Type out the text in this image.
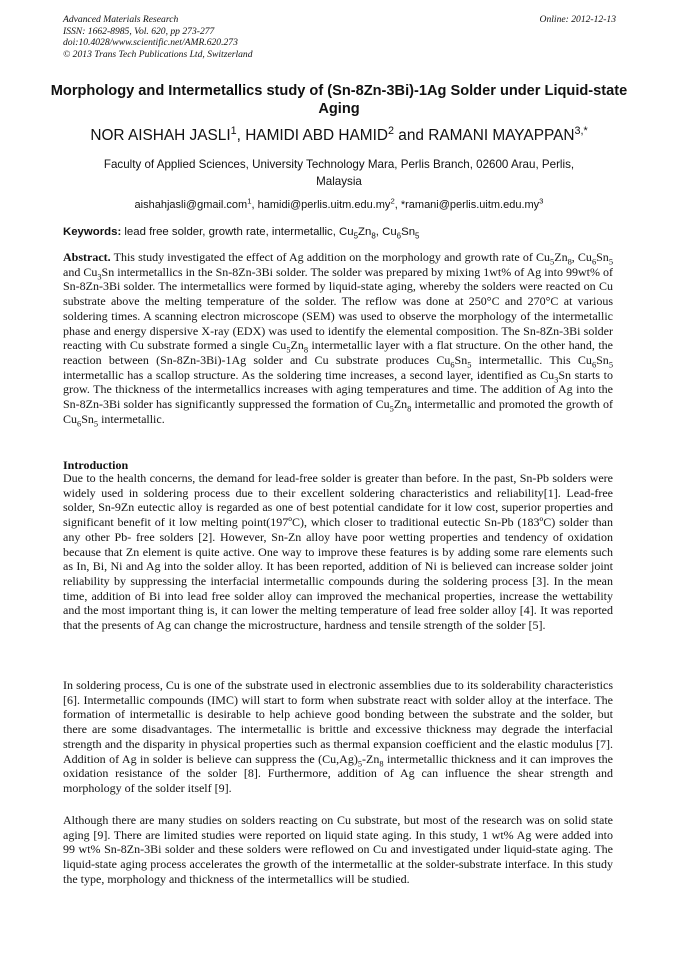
Advanced Materials Research
ISSN: 1662-8985, Vol. 620, pp 273-277
doi:10.4028/www.scientific.net/AMR.620.273
© 2013 Trans Tech Publications Ltd, Switzerland
Online: 2012-12-13
Morphology and Intermetallics study of (Sn-8Zn-3Bi)-1Ag Solder under Liquid-state Aging
NOR AISHAH JASLI$^1$, HAMIDI ABD HAMID$^2$ and RAMANI $MAYAPPAN^{3,*}$
Faculty of Applied Sciences, University Technology Mara, Perlis Branch, 02600 Arau, Perlis, Malaysia
aishahjasli@gmail.com$^1$, $hamidi@perlis.uitm.edu.my^2$, $*ramani@perlis.uitm.edu.my^3$
Keywords: lead free solder, growth rate, intermetallic, $Cu_5Zn_8$, $Cu_6Sn_5$
Abstract. This study investigated the effect of Ag addition on the morphology and growth rate of $Cu_5Zn_8$, $Cu_6Sn_5$ and $Cu_3Sn$ intermetallics in the Sn-8Zn-3Bi solder. The solder was prepared by mixing 1wt% of Ag into 99wt% of Sn-8Zn-3Bi solder. The intermetallics were formed by liquid-state aging, whereby the solders were reacted on Cu substrate above the melting temperature of the solder. The reflow was done at 250°C and 270°C at various soldering times. A scanning electron microscope (SEM) was used to observe the morphology of the intermetallic phase and energy dispersive X-ray (EDX) was used to identify the elemental composition. The Sn-8Zn-3Bi solder reacting with Cu substrate formed a single $Cu_5Zn_8$ intermetallic layer with a flat structure. On the other hand, the reaction between (Sn-8Zn-3Bi)-1Ag solder and Cu substrate produces $Cu_6Sn_5$ intermetallic. This $Cu_6Sn_5$ intermetallic has a scallop structure. As the soldering time increases, a second layer, identified as $Cu_3Sn$ starts to grow. The thickness of the intermetallics increases with aging temperatures and time. The addition of Ag into the Sn-8Zn-3Bi solder has significantly suppressed the formation of $Cu_5Zn_8$ intermetallic and promoted the growth of $Cu_6Sn_5$ intermetallic.
Introduction
Due to the health concerns, the demand for lead-free solder is greater than before. In the past, Sn-Pb solders were widely used in soldering process due to their excellent soldering characteristics and reliability[1]. Lead-free solder, Sn-9Zn eutectic alloy is regarded as one of best potential candidate for it low cost, superior properties and significant benefit of it low melting point(197ºC), which closer to traditional eutectic Sn-Pb (183ºC) solder than any other Pb- free solders [2]. However, Sn-Zn alloy have poor wetting properties and tendency of oxidation because that Zn element is quite active. One way to improve these features is by adding some rare elements such as In, Bi, Ni and Ag into the solder alloy. It has been reported, addition of Ni is believed can increase solder joint reliability by suppressing the interfacial intermetallic compounds during the soldering process [3]. In the mean time, addition of Bi into lead free solder alloy can improved the mechanical properties, increase the wettability and the most important thing is, it can lower the melting temperature of lead free solder alloy [4]. It was reported that the presents of Ag can change the microstructure, hardness and tensile strength of the solder [5].
In soldering process, Cu is one of the substrate used in electronic assemblies due to its solderability characteristics [6]. Intermetallic compounds (IMC) will start to form when substrate react with solder alloy at the interface. The formation of intermetallic is desirable to help achieve good bonding between the substrate and the solder, but there are some disadvantages. The intermetallic is brittle and excessive thickness may degrade the interfacial strength and the disparity in physical properties such as thermal expansion coefficient and the elastic modulus [7]. Addition of Ag in solder is believe can suppress the $(Cu,Ag)_5-Zn_8$ intermetallic thickness and it can improves the oxidation resistance of the solder [8]. Furthermore, addition of Ag can influence the shear strength and morphology of the solder itself [9].
Although there are many studies on solders reacting on Cu substrate, but most of the research was on solid state aging [9]. There are limited studies were reported on liquid state aging. In this study, 1 wt% Ag were added into 99 wt% Sn-8Zn-3Bi solder and these solders were reflowed on Cu and investigated under liquid-state aging. The liquid-state aging process accelerates the growth of the intermetallic at the solder-substrate interface. In this study the type, morphology and thickness of the intermetallics will be studied.
